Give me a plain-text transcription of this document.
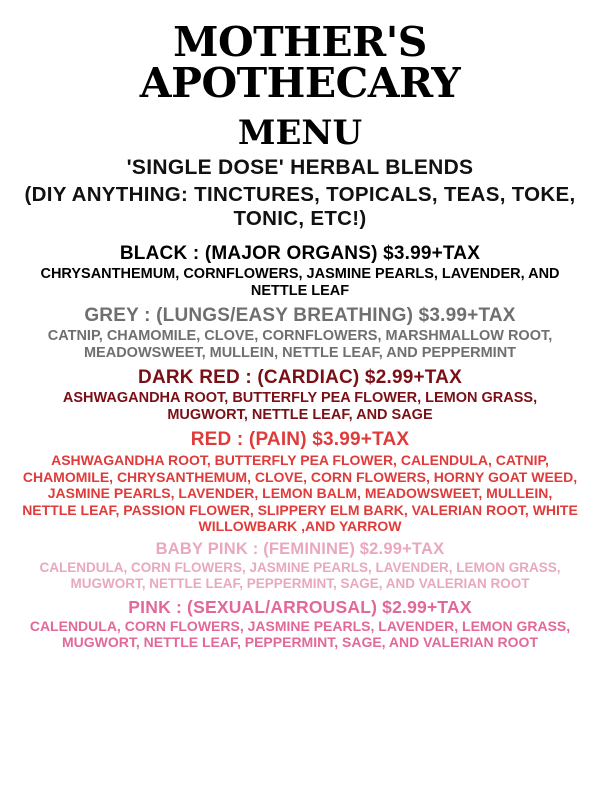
MOTHER'S APOTHECARY
MENU
'SINGLE DOSE' HERBAL BLENDS
(DIY ANYTHING: TINCTURES, TOPICALS, TEAS, TOKE, TONIC, ETC!)
BLACK : (MAJOR ORGANS) $3.99+TAX
CHRYSANTHEMUM, CORNFLOWERS, JASMINE PEARLS, LAVENDER, AND NETTLE LEAF
GREY : (LUNGS/EASY BREATHING) $3.99+TAX
CATNIP, CHAMOMILE, CLOVE, CORNFLOWERS, MARSHMALLOW ROOT, MEADOWSWEET, MULLEIN, NETTLE LEAF, AND PEPPERMINT
DARK RED : (CARDIAC) $2.99+TAX
ASHWAGANDHA ROOT, BUTTERFLY PEA FLOWER, LEMON GRASS, MUGWORT, NETTLE LEAF, AND SAGE
RED : (PAIN) $3.99+TAX
ASHWAGANDHA ROOT, BUTTERFLY PEA FLOWER, CALENDULA, CATNIP, CHAMOMILE, CHRYSANTHEMUM, CLOVE, CORN FLOWERS, HORNY GOAT WEED, JASMINE PEARLS, LAVENDER, LEMON BALM, MEADOWSWEET, MULLEIN, NETTLE LEAF, PASSION FLOWER, SLIPPERY ELM BARK, VALERIAN ROOT, WHITE WILLOWBARK ,AND YARROW
BABY PINK : (FEMININE) $2.99+TAX
CALENDULA, CORN FLOWERS, JASMINE PEARLS, LAVENDER, LEMON GRASS, MUGWORT, NETTLE LEAF, PEPPERMINT, SAGE, AND VALERIAN ROOT
PINK : (SEXUAL/ARROUSAL) $2.99+TAX
CALENDULA, CORN FLOWERS, JASMINE PEARLS, LAVENDER, LEMON GRASS, MUGWORT, NETTLE LEAF, PEPPERMINT, SAGE, AND VALERIAN ROOT
